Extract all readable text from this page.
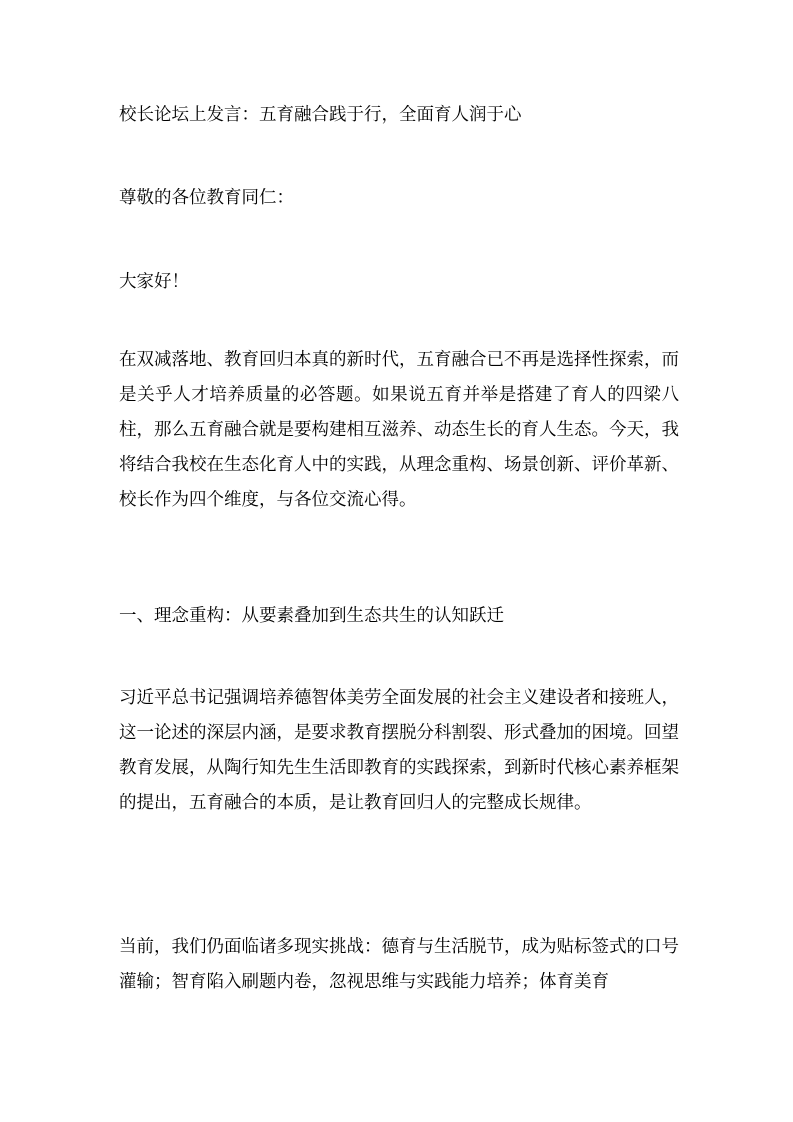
校长论坛上发言：五育融合践于行，全面育人润于心

尊敬的各位教育同仁：

大家好！

在双减落地、教育回归本真的新时代，五育融合已不再是选择性探索，而是关乎人才培养质量的必答题。如果说五育并举是搭建了育人的四梁八柱，那么五育融合就是要构建相互滋养、动态生长的育人生态。今天，我将结合我校在生态化育人中的实践，从理念重构、场景创新、评价革新、校长作为四个维度，与各位交流心得。

一、理念重构：从要素叠加到生态共生的认知跃迁

习近平总书记强调培养德智体美劳全面发展的社会主义建设者和接班人，这一论述的深层内涵，是要求教育摆脱分科割裂、形式叠加的困境。回望教育发展，从陶行知先生生活即教育的实践探索，到新时代核心素养框架的提出，五育融合的本质，是让教育回归人的完整成长规律。

当前，我们仍面临诸多现实挑战：德育与生活脱节，成为贴标签式的口号灌输；智育陷入刷题内卷，忽视思维与实践能力培养；体育美育
